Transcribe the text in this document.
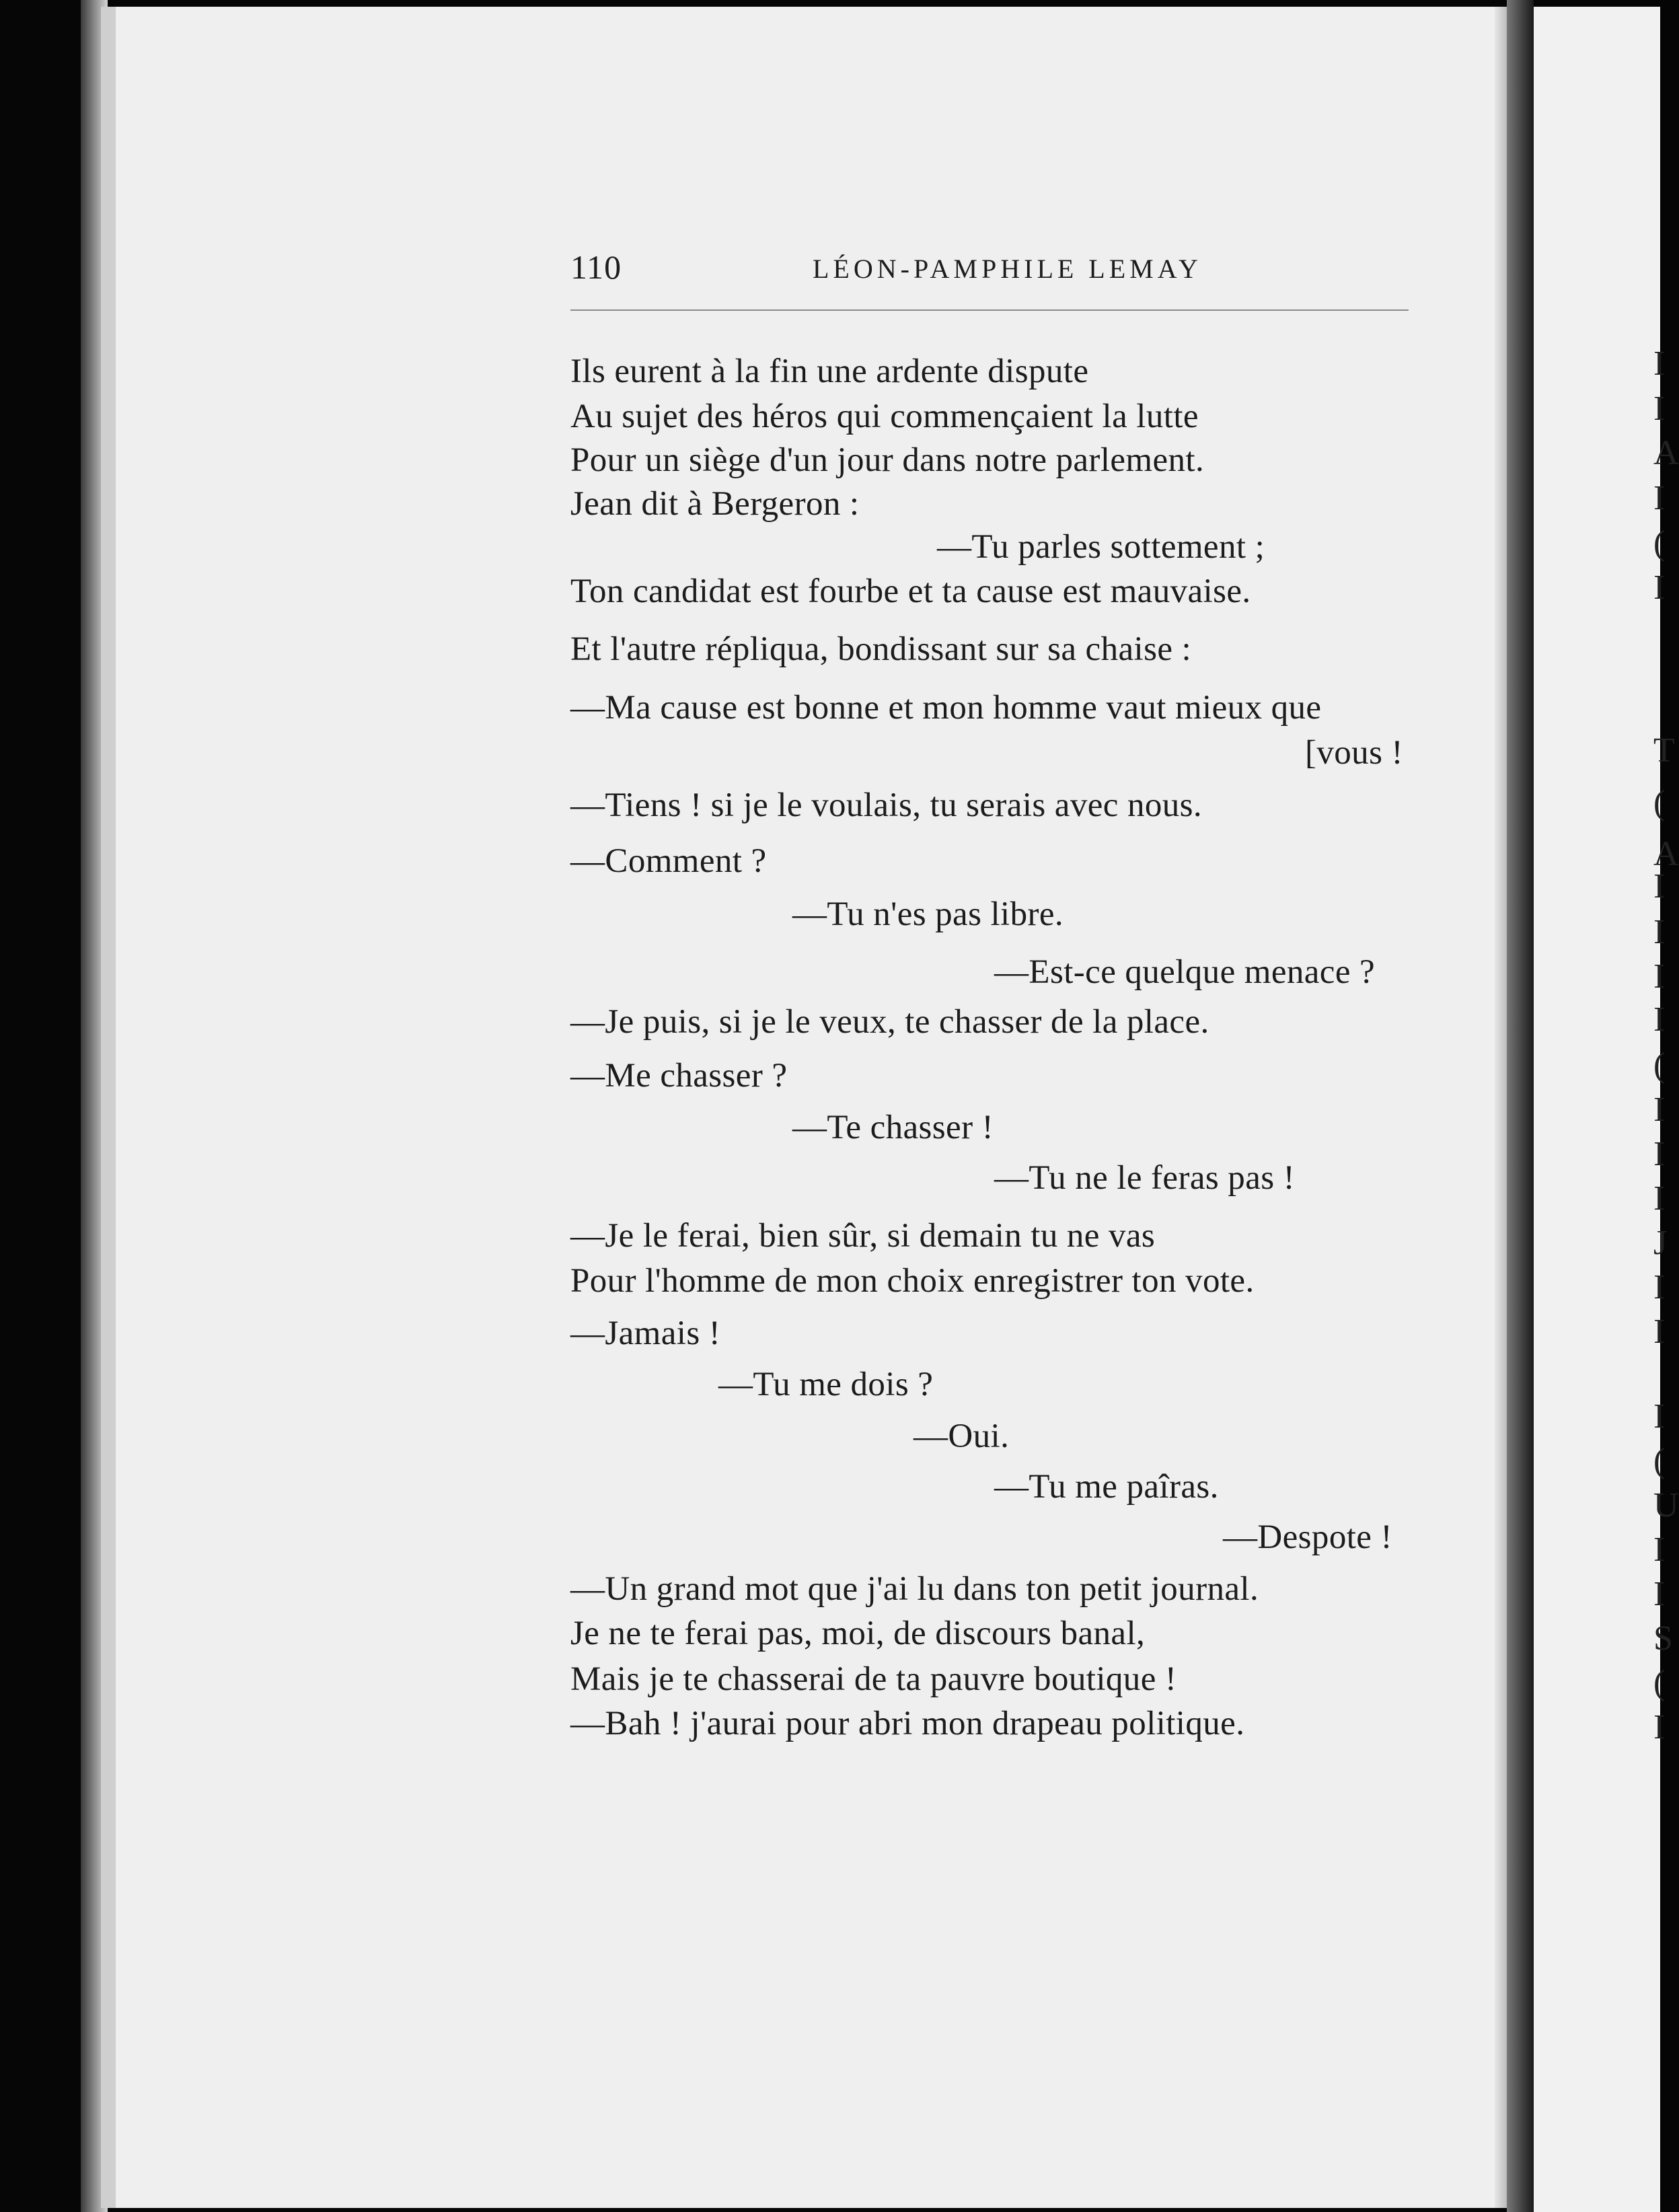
110	LÉON-PAMPHILE LEMAY
Ils eurent à la fin une ardente dispute
Au sujet des héros qui commençaient la lutte
Pour un siège d'un jour dans notre parlement.
Jean dit à Bergeron :
—Tu parles sottement ;
Ton candidat est fourbe et ta cause est mauvaise.
Et l'autre répliqua, bondissant sur sa chaise :
—Ma cause est bonne et mon homme vaut mieux que
[vous !
—Tiens ! si je le voulais, tu serais avec nous.
—Comment ?
—Tu n'es pas libre.
—Est-ce quelque menace ?
—Je puis, si je le veux, te chasser de la place.
—Me chasser ?
—Te chasser !
—Tu ne le feras pas !
—Je le ferai, bien sûr, si demain tu ne vas
Pour l'homme de mon choix enregistrer ton vote.
—Jamais !
—Tu me dois ?
—Oui.
—Tu me paîras.
—Despote !
—Un grand mot que j'ai lu dans ton petit journal.
Je ne te ferai pas, moi, de discours banal,
Mais je te chasserai de ta pauvre boutique !
—Bah ! j'aurai pour abri mon drapeau politique.
I
I
A
I
(
I
T
(
A
I
I
I
I
(
I
I
I
J
I
I
I
(
U
I
I
S
(
I
